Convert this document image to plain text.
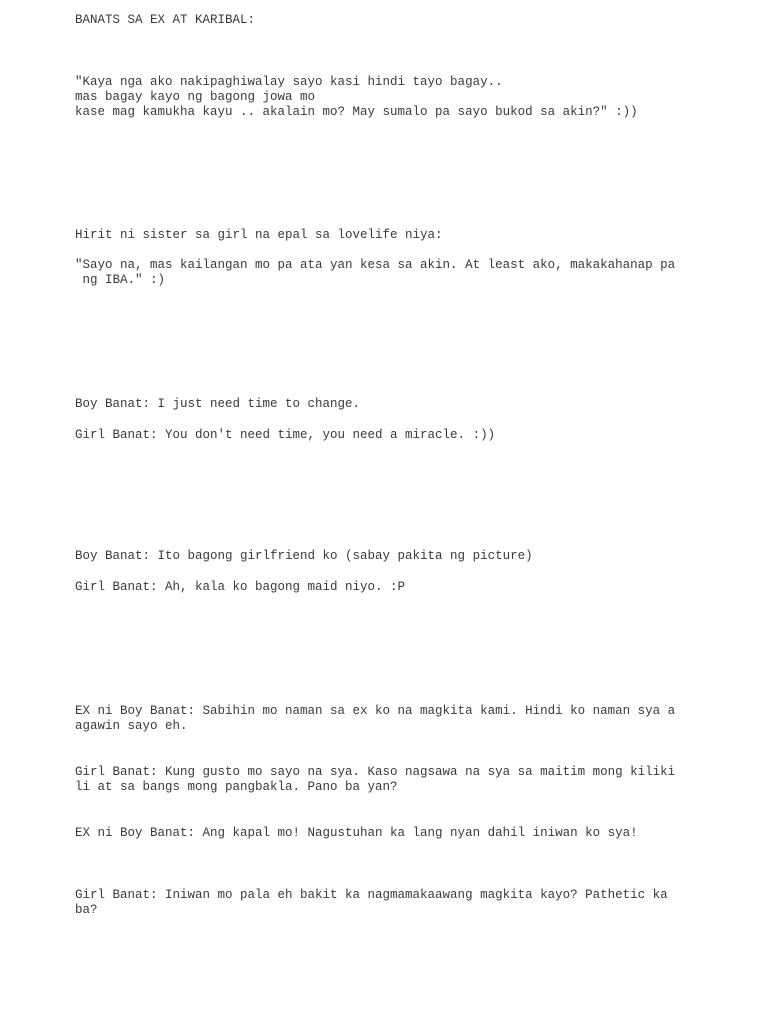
BANATS SA EX AT KARIBAL:

"Kaya nga ako nakipaghiwalay sayo kasi hindi tayo bagay..

mas bagay kayo ng bagong jowa mo

kase mag kamukha kayu .. akalain mo? May sumalo pa sayo bukod sa akin?" :))

Hirit ni sister sa girl na epal sa lovelife niya:

"Sayo na, mas kailangan mo pa ata yan kesa sa akin. At least ako, makakahanap pa

ng IBA." :)

Boy Banat: I just need time to change.

Girl Banat: You don't need time, you need a miracle. :))

Boy Banat: Ito bagong girlfriend ko (sabay pakita ng picture)

Girl Banat: Ah, kala ko bagong maid niyo. :P

EX ni Boy Banat: Sabihin mo naman sa ex ko na magkita kami. Hindi ko naman sya a

agawin sayo eh.

Girl Banat: Kung gusto mo sayo na sya. Kaso nagsawa na sya sa maitim mong kiliki

li at sa bangs mong pangbakla. Pano ba yan?

EX ni Boy Banat: Ang kapal mo! Nagustuhan ka lang nyan dahil iniwan ko sya!

Girl Banat: Iniwan mo pala eh bakit ka nagmamakaawang magkita kayo? Pathetic ka

ba?
